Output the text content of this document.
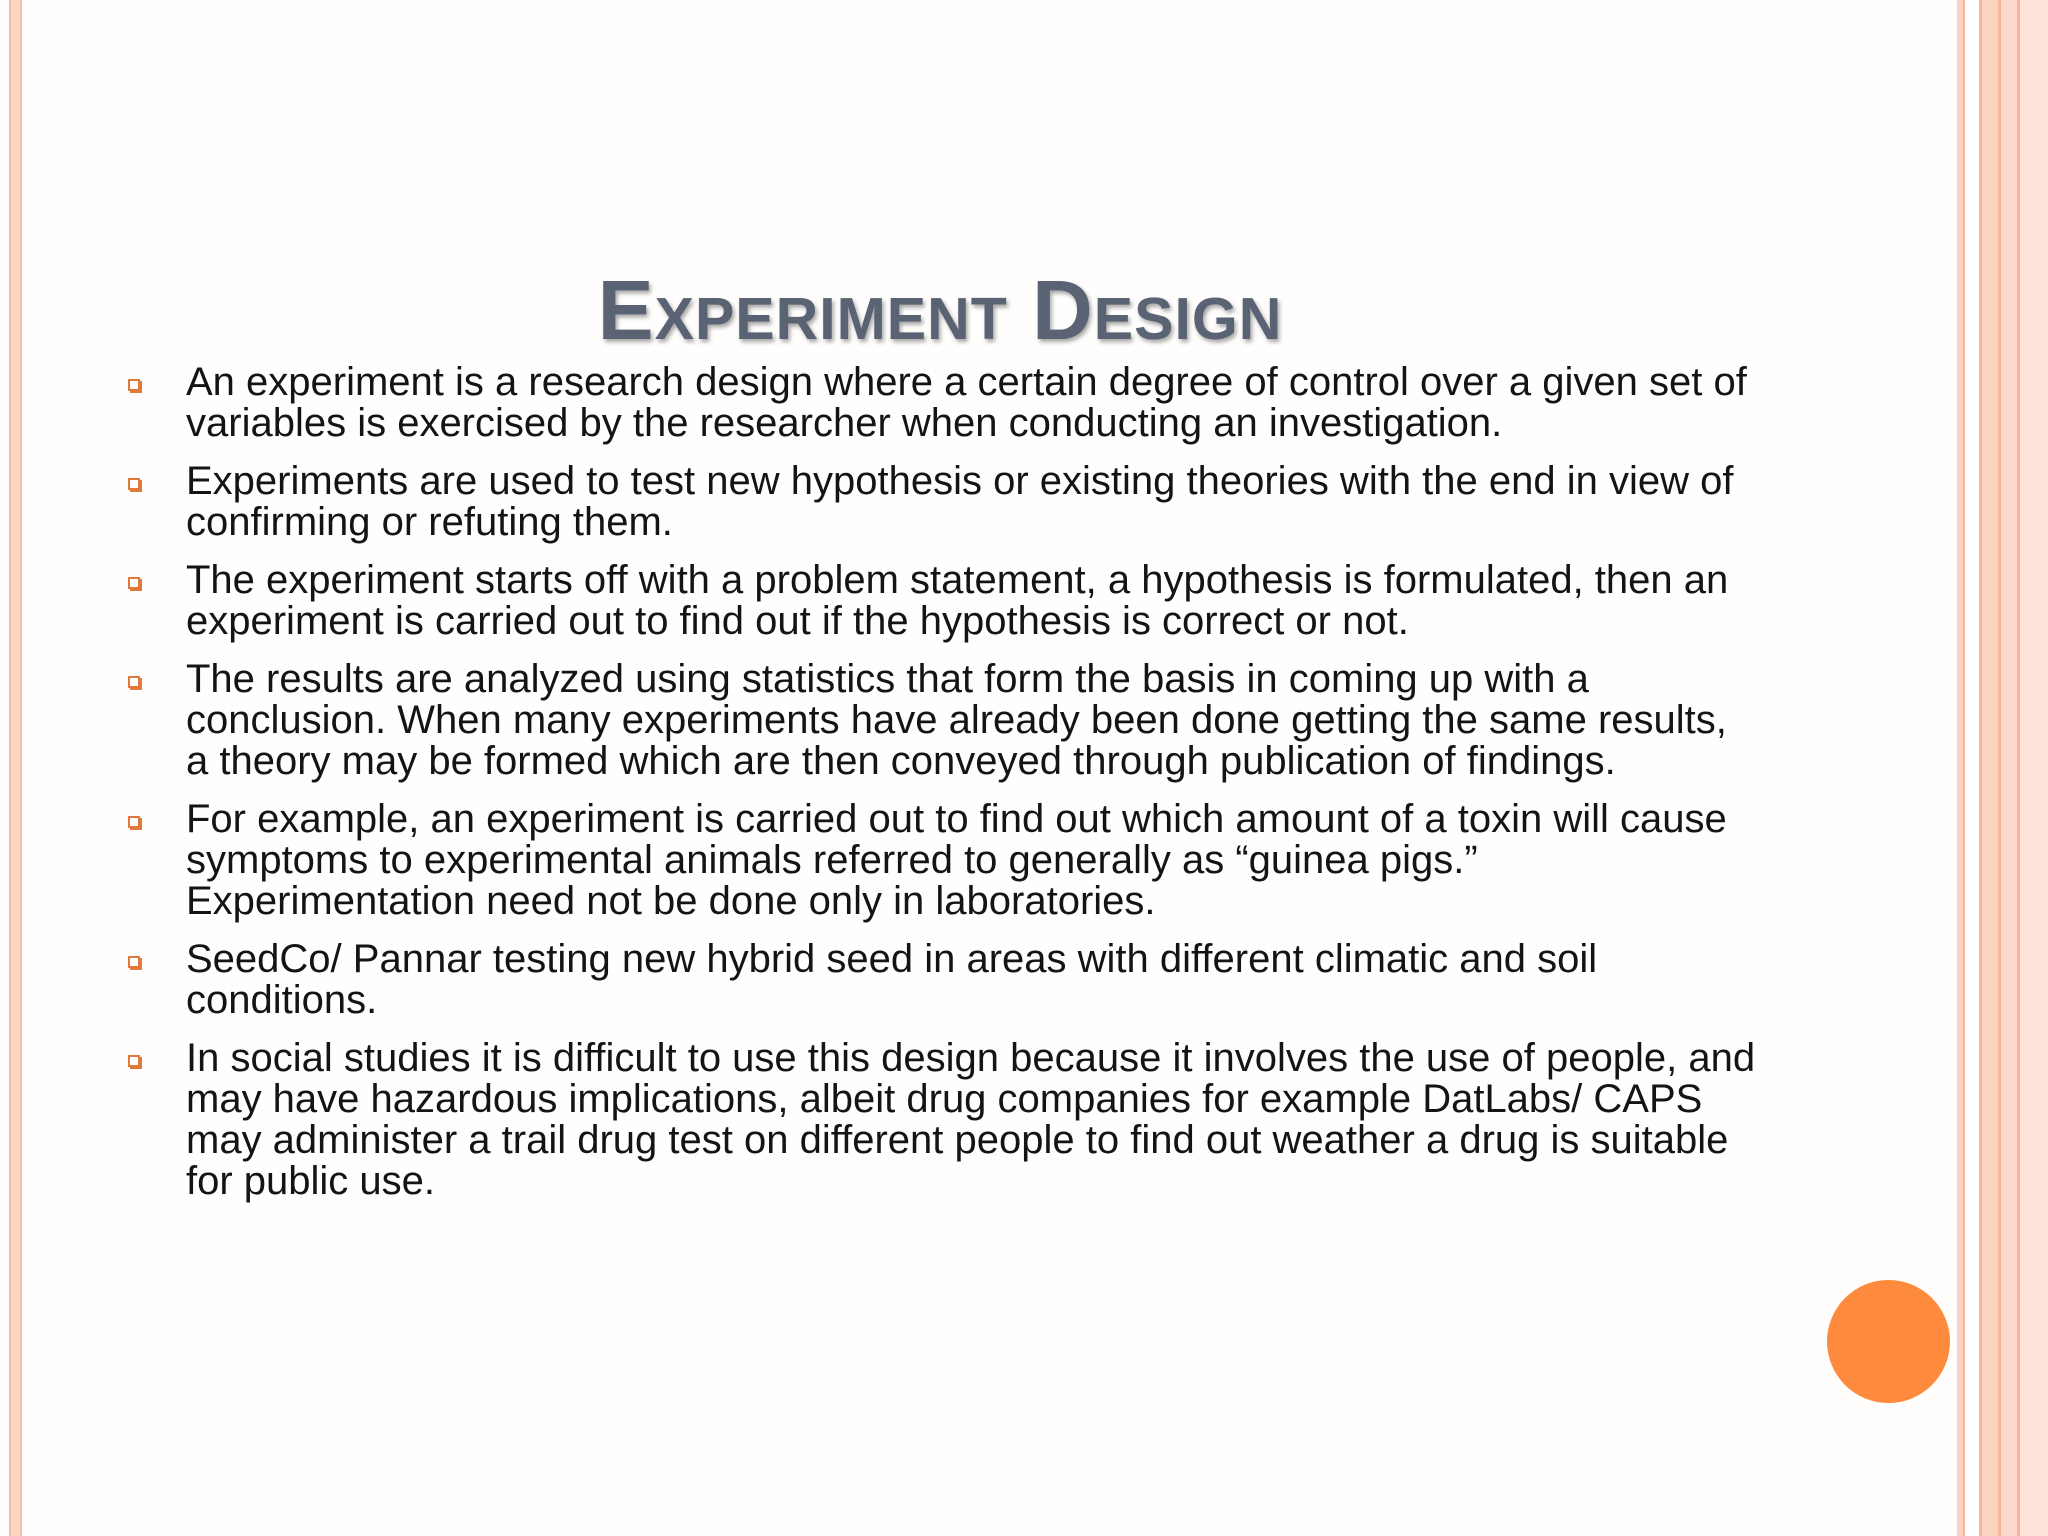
Experiment Design
An experiment is a research design where a certain degree of control over a given set of variables is exercised by the researcher when conducting an investigation.
Experiments are used to test new hypothesis or existing theories with the end in view of confirming or refuting them.
The experiment starts off with a problem statement, a hypothesis is formulated, then an experiment is carried out to find out if the hypothesis is correct or not.
The results are analyzed using statistics that form the basis in coming up with a conclusion. When many experiments have already been done getting the same results, a theory may be formed which are then conveyed through publication of findings.
For example, an experiment is carried out to find out which amount of a toxin will cause symptoms to experimental animals referred to generally as “guinea pigs.” Experimentation need not be done only in laboratories.
SeedCo/ Pannar testing new hybrid seed in areas with different climatic and soil conditions.
In social studies it is difficult to use this design because it involves the use of people, and may have hazardous implications, albeit drug companies for example DatLabs/ CAPS may administer a trail drug test on different people to find out weather a drug is suitable for public use.
